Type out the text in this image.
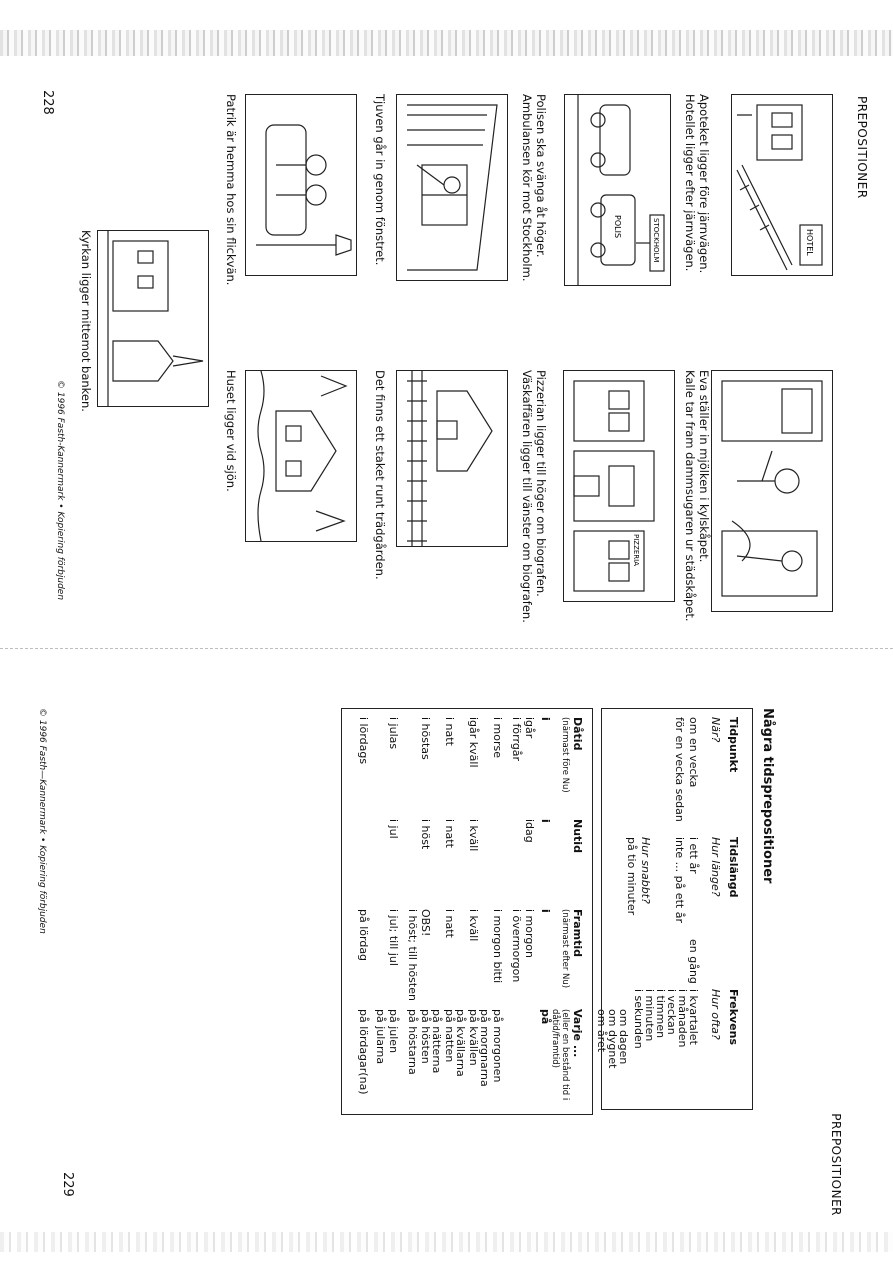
PREPOSITIONER
HOTEL
Apoteket ligger före järnvägen.
Hotellet ligger efter järnvägen.
Eva ställer in mjölken i kylskåpet.
Kalle tar fram dammsugaren ur städskåpet.
STOCKHOLM
POLIS
PIZZERIA
Polisen ska svänga åt höger.
Ambulansen kör mot Stockholm.
Pizzerian ligger till höger om biografen.
Väskaffären ligger till vänster om biografen.
Tjuven går in genom fönstret.
Det finns ett staket runt trädgården.
Patrik är hemma hos sin flickvän.
Huset ligger vid sjön.
Kyrkan ligger mittemot banken.
228
© 1996 Fasth-Kannermark • Kopiering förbjuden
Några tidsprepositioner
Tidpunkt
Tidslängd
Frekvens
När?
Hur länge?
Hur ofta?
om en vecka
för en vecka sedan
i ett år
inte ... på ett år
Hur snabbt?
på tio minuter
en gång
i kvartalet
i månaden
i veckan
i timmen
i minuten
i sekunden
om dagen
om dygnet
om året
Dåtid
Nutid
Framtid
Varje ...
(närmast före Nu)
(närmast efter Nu)
(eller en bestånd tid i dåtid/framtid)
i
i
i
på
igår
i förrgår
idag
i morgon
i övermorgon
i morse
i morgon bitti
på morgonen
på morgnarna
igår kväll
i kväll
i kväll
på kvällen
på kvällarna
i natt
i natt
i natt
på natten
på nätterna
i höstas
i höst
OBS!
i höst; till hösten
på hösten
på höstarna
i julas
i jul
i jul; till jul
på julen
på jularna
i lördags
på lördag
på lördagar(na)
PREPOSITIONER
229
© 1996 Fasth—Kannermark • Kopiering förbjuden
